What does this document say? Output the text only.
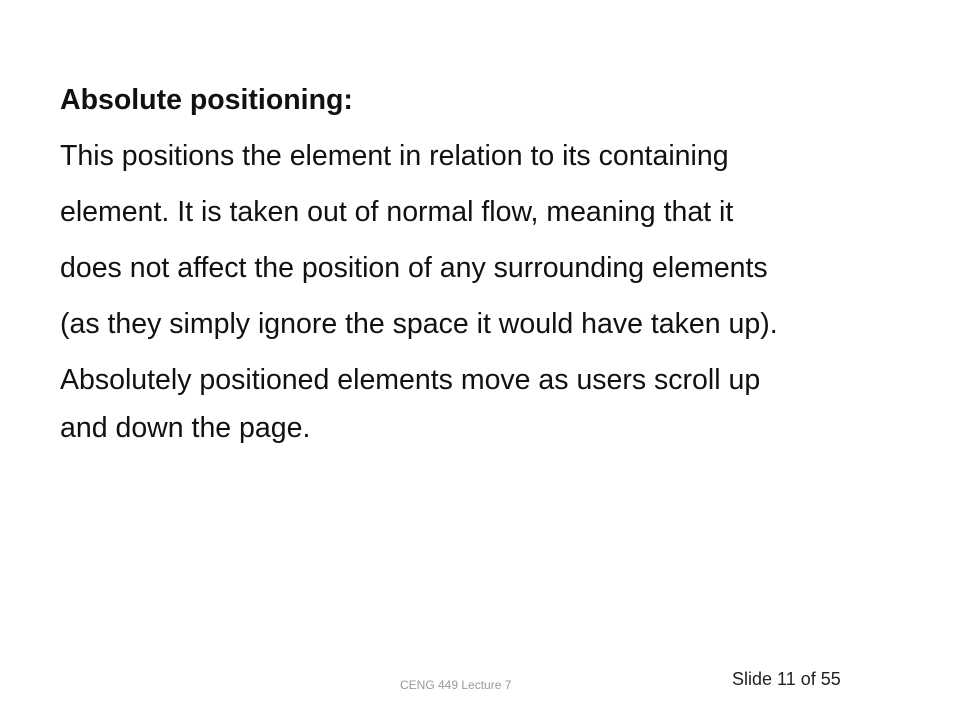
Absolute positioning:

This positions the element in relation to its containing

element. It is taken out of normal flow, meaning that it

does not affect the position of any surrounding elements

(as they simply ignore the space it would have taken up).

Absolutely positioned elements move as users scroll up

and down the page.

CENG 449 Lecture 7	Slide 11 of 55
